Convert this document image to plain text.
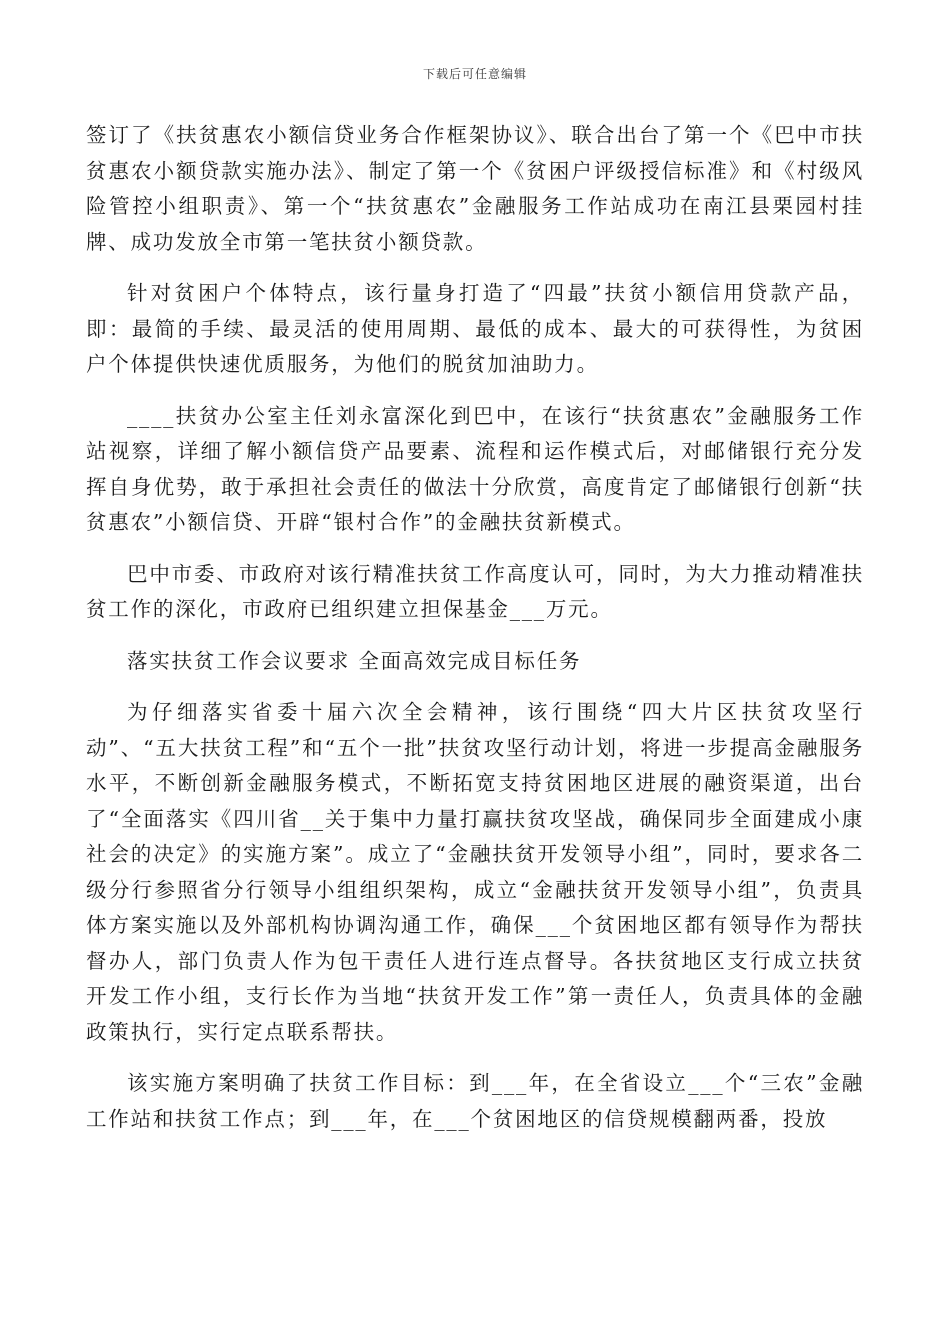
下载后可任意编辑

签订了《扶贫惠农小额信贷业务合作框架协议》、联合出台了第一个《巴中市扶贫惠农小额贷款实施办法》、制定了第一个《贫困户评级授信标准》和《村级风险管控小组职责》、第一个“扶贫惠农”金融服务工作站成功在南江县栗园村挂牌、成功发放全市第一笔扶贫小额贷款。

针对贫困户个体特点，该行量身打造了“四最”扶贫小额信用贷款产品，即：最简的手续、最灵活的使用周期、最低的成本、最大的可获得性，为贫困户个体提供快速优质服务，为他们的脱贫加油助力。

____扶贫办公室主任刘永富深化到巴中，在该行“扶贫惠农”金融服务工作站视察，详细了解小额信贷产品要素、流程和运作模式后，对邮储银行充分发挥自身优势，敢于承担社会责任的做法十分欣赏，高度肯定了邮储银行创新“扶贫惠农”小额信贷、开辟“银村合作”的金融扶贫新模式。

巴中市委、市政府对该行精准扶贫工作高度认可，同时，为大力推动精准扶贫工作的深化，市政府已组织建立担保基金___万元。

落实扶贫工作会议要求 全面高效完成目标任务

为仔细落实省委十届六次全会精神，该行围绕“四大片区扶贫攻坚行动”、“五大扶贫工程”和“五个一批”扶贫攻坚行动计划，将进一步提高金融服务水平，不断创新金融服务模式，不断拓宽支持贫困地区进展的融资渠道，出台了“全面落实《四川省__关于集中力量打赢扶贫攻坚战，确保同步全面建成小康社会的决定》的实施方案”。成立了“金融扶贫开发领导小组”，同时，要求各二级分行参照省分行领导小组组织架构，成立“金融扶贫开发领导小组”，负责具体方案实施以及外部机构协调沟通工作，确保___个贫困地区都有领导作为帮扶督办人，部门负责人作为包干责任人进行连点督导。各扶贫地区支行成立扶贫开发工作小组，支行长作为当地“扶贫开发工作”第一责任人，负责具体的金融政策执行，实行定点联系帮扶。

该实施方案明确了扶贫工作目标：到___年，在全省设立___个“三农”金融工作站和扶贫工作点；到___年，在___个贫困地区的信贷规模翻两番，投放
